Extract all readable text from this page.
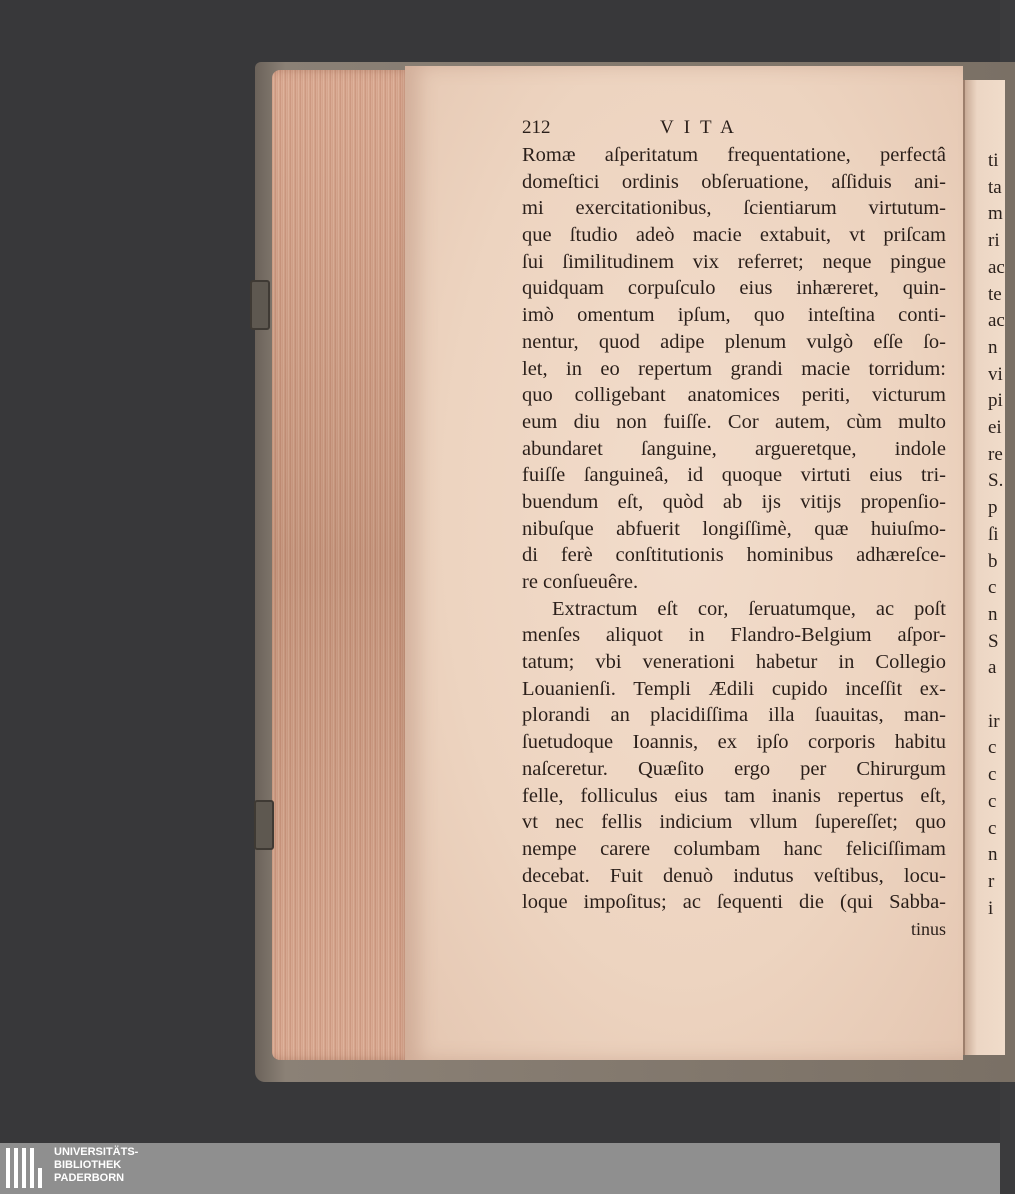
ti
ta
m
ri
ac
te
ac
n
vi
pi
ei
re
S.
p
ſi
b
c
n
S
a
ir
c
c
c
c
n
r
i
212	VITA
Romæ aſperitatum frequentatione, perfectâ
domeſtici ordinis obſeruatione, aſſiduis ani-
mi exercitationibus, ſcientiarum virtutum-
que ſtudio adeò macie extabuit, vt priſcam
ſui ſimilitudinem vix referret; neque pingue
quidquam corpuſculo eius inhæreret, quin-
imò omentum ipſum, quo inteſtina conti-
nentur, quod adipe plenum vulgò eſſe ſo-
let, in eo repertum grandi macie torridum:
quo colligebant anatomices periti, victurum
eum diu non fuiſſe. Cor autem, cùm multo
abundaret ſanguine, argueretque, indole
fuiſſe ſanguineâ, id quoque virtuti eius tri-
buendum eſt, quòd ab ijs vitijs propenſio-
nibuſque abfuerit longiſſimè, quæ huiuſmo-
di ferè conſtitutionis hominibus adhæreſce-
re conſueuêre.
Extractum eſt cor, ſeruatumque, ac poſt
menſes aliquot in Flandro-Belgium aſpor-
tatum; vbi venerationi habetur in Collegio
Louanienſi. Templi Ædili cupido inceſſit ex-
plorandi an placidiſſima illa ſuauitas, man-
ſuetudoque Ioannis, ex ipſo corporis habitu
naſceretur. Quæſito ergo per Chirurgum
felle, folliculus eius tam inanis repertus eſt,
vt nec fellis indicium vllum ſupereſſet; quo
nempe carere columbam hanc feliciſſimam
decebat. Fuit denuò indutus veſtibus, locu-
loque impoſitus; ac ſequenti die (qui Sabba-
tinus
UNIVERSITÄTS-
BIBLIOTHEK
PADERBORN
